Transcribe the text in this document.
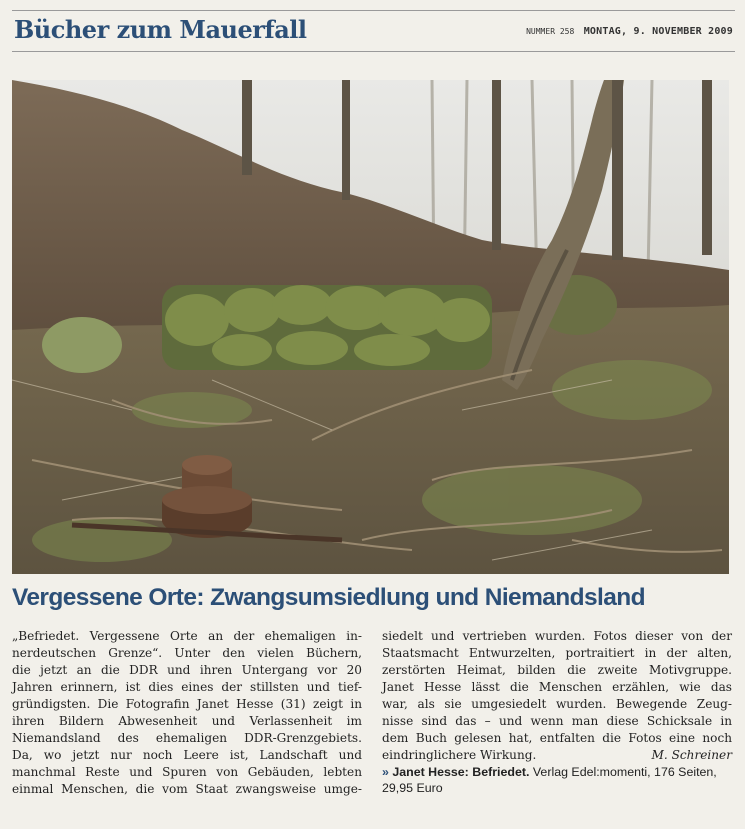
Bücher zum Mauerfall	NUMMER 258 MONTAG, 9. NOVEMBER 2009
Vergessene Orte: Zwangsumsiedlung und Niemandsland
„Befriedet. Vergessene Orte an der ehemaligen in-
nerdeutschen Grenze“. Unter den vielen Büchern,
die jetzt an die DDR und ihren Untergang vor 20
Jahren erinnern, ist dies eines der stillsten und tief-
gründigsten. Die Fotografin Janet Hesse (31) zeigt in
ihren Bildern Abwesenheit und Verlassenheit im
Niemandsland des ehemaligen DDR-Grenzgebiets.
Da, wo jetzt nur noch Leere ist, Landschaft und
manchmal Reste und Spuren von Gebäuden, lebten
einmal Menschen, die vom Staat zwangsweise umge-
siedelt und vertrieben wurden. Fotos dieser von der
Staatsmacht Entwurzelten, portraitiert in der alten,
zerstörten Heimat, bilden die zweite Motivgruppe.
Janet Hesse lässt die Menschen erzählen, wie das
war, als sie umgesiedelt wurden. Bewegende Zeug-
nisse sind das – und wenn man diese Schicksale in
dem Buch gelesen hat, entfalten die Fotos eine noch
eindringlichere Wirkung.	M. Schreiner
» Janet Hesse: Befriedet. Verlag Edel:momenti, 176 Seiten,
29,95 Euro
